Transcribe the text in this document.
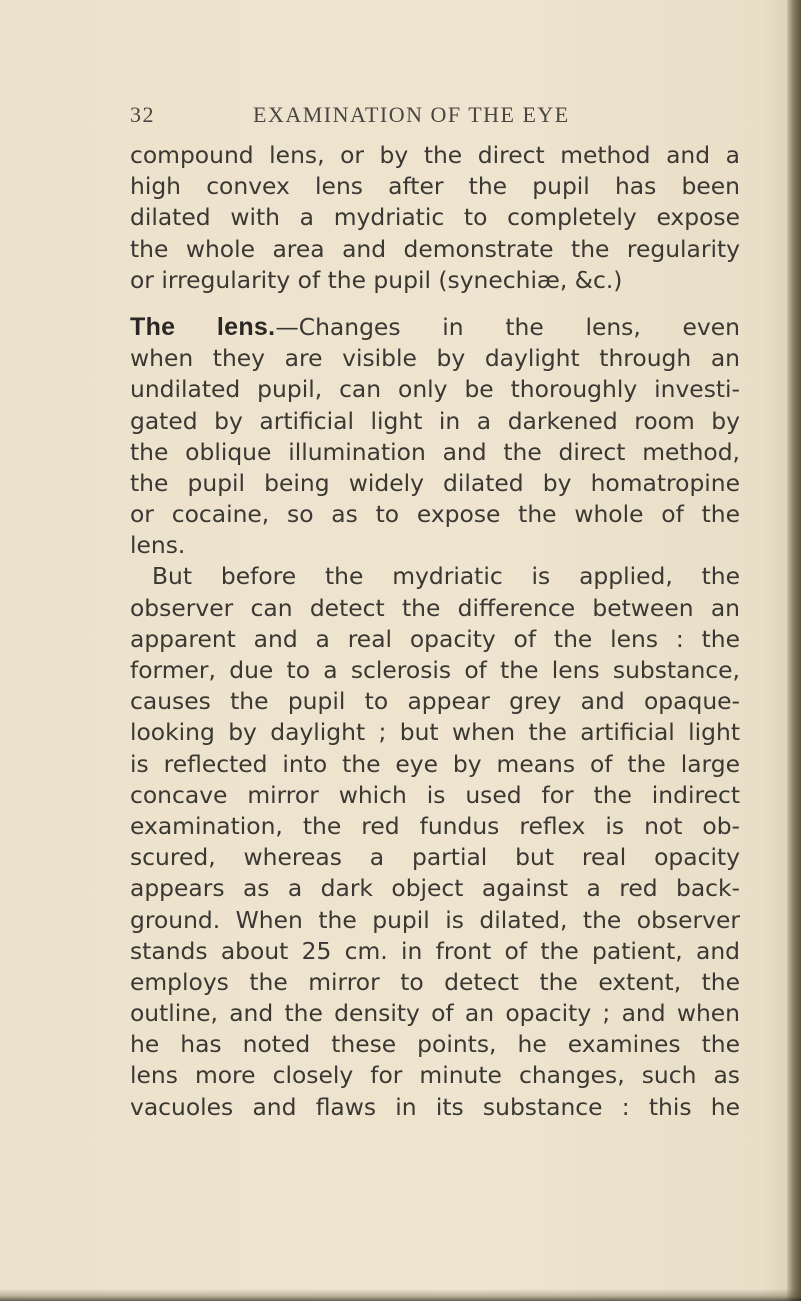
32	EXAMINATION OF THE EYE
compound lens, or by the direct method and a
high convex lens after the pupil has been
dilated with a mydriatic to completely expose
the whole area and demonstrate the regularity
or irregularity of the pupil (synechiæ, &c.)
The lens.—Changes in the lens, even
when they are visible by daylight through an
undilated pupil, can only be thoroughly investi-
gated by artificial light in a darkened room by
the oblique illumination and the direct method,
the pupil being widely dilated by homatropine
or cocaine, so as to expose the whole of the
lens.
But before the mydriatic is applied, the
observer can detect the difference between an
apparent and a real opacity of the lens : the
former, due to a sclerosis of the lens substance,
causes the pupil to appear grey and opaque-
looking by daylight ; but when the artificial light
is reflected into the eye by means of the large
concave mirror which is used for the indirect
examination, the red fundus reflex is not ob-
scured, whereas a partial but real opacity
appears as a dark object against a red back-
ground. When the pupil is dilated, the observer
stands about 25 cm. in front of the patient, and
employs the mirror to detect the extent, the
outline, and the density of an opacity ; and when
he has noted these points, he examines the
lens more closely for minute changes, such as
vacuoles and flaws in its substance : this he
